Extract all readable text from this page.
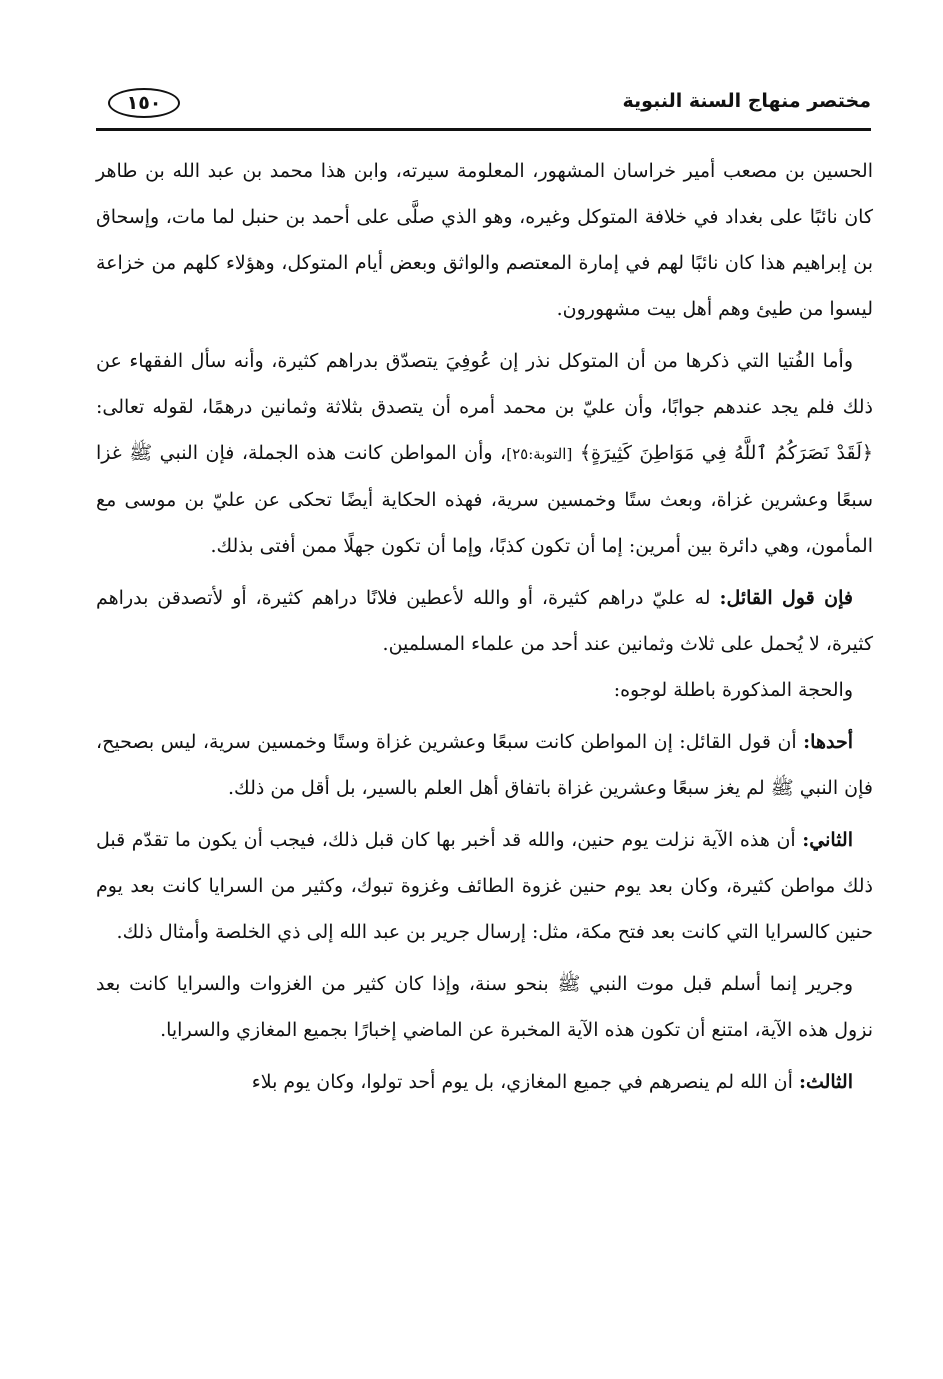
مختصر منهاج السنة النبوية
١٥٠

الحسين بن مصعب أمير خراسان المشهور، المعلومة سيرته، وابن هذا محمد بن عبد الله بن طاهر كان نائبًا على بغداد في خلافة المتوكل وغيره، وهو الذي صلَّى على أحمد بن حنبل لما مات، وإسحاق بن إبراهيم هذا كان نائبًا لهم في إمارة المعتصم والواثق وبعض أيام المتوكل، وهؤلاء كلهم من خزاعة ليسوا من طيئ وهم أهل بيت مشهورون.

وأما الفُتيا التي ذكرها من أن المتوكل نذر إن عُوفِيَ يتصدّق بدراهم كثيرة، وأنه سأل الفقهاء عن ذلك فلم يجد عندهم جوابًا، وأن عليّ بن محمد أمره أن يتصدق بثلاثة وثمانين درهمًا، لقوله تعالى: ﴿لَقَدْ نَصَرَكُمُ ٱللَّهُ فِي مَوَاطِنَ كَثِيرَةٍ﴾ [التوبة:٢٥]، وأن المواطن كانت هذه الجملة، فإن النبي ﷺ غزا سبعًا وعشرين غزاة، وبعث ستًا وخمسين سرية، فهذه الحكاية أيضًا تحكى عن عليّ بن موسى مع المأمون، وهي دائرة بين أمرين: إما أن تكون كذبًا، وإما أن تكون جهلًا ممن أفتى بذلك.

فإن قول القائل: له عليّ دراهم كثيرة، أو والله لأعطين فلانًا دراهم كثيرة، أو لأتصدقن بدراهم كثيرة، لا يُحمل على ثلاث وثمانين عند أحد من علماء المسلمين.

والحجة المذكورة باطلة لوجوه:

أحدها: أن قول القائل: إن المواطن كانت سبعًا وعشرين غزاة وستًا وخمسين سرية، ليس بصحيح، فإن النبي ﷺ لم يغز سبعًا وعشرين غزاة باتفاق أهل العلم بالسير، بل أقل من ذلك.

الثاني: أن هذه الآية نزلت يوم حنين، والله قد أخبر بها كان قبل ذلك، فيجب أن يكون ما تقدّم قبل ذلك مواطن كثيرة، وكان بعد يوم حنين غزوة الطائف وغزوة تبوك، وكثير من السرايا كانت بعد يوم حنين كالسرايا التي كانت بعد فتح مكة، مثل: إرسال جرير بن عبد الله إلى ذي الخلصة وأمثال ذلك.

وجرير إنما أسلم قبل موت النبي ﷺ بنحو سنة، وإذا كان كثير من الغزوات والسرايا كانت بعد نزول هذه الآية، امتنع أن تكون هذه الآية المخبرة عن الماضي إخبارًا بجميع المغازي والسرايا.

الثالث: أن الله لم ينصرهم في جميع المغازي، بل يوم أحد تولوا، وكان يوم بلاء
